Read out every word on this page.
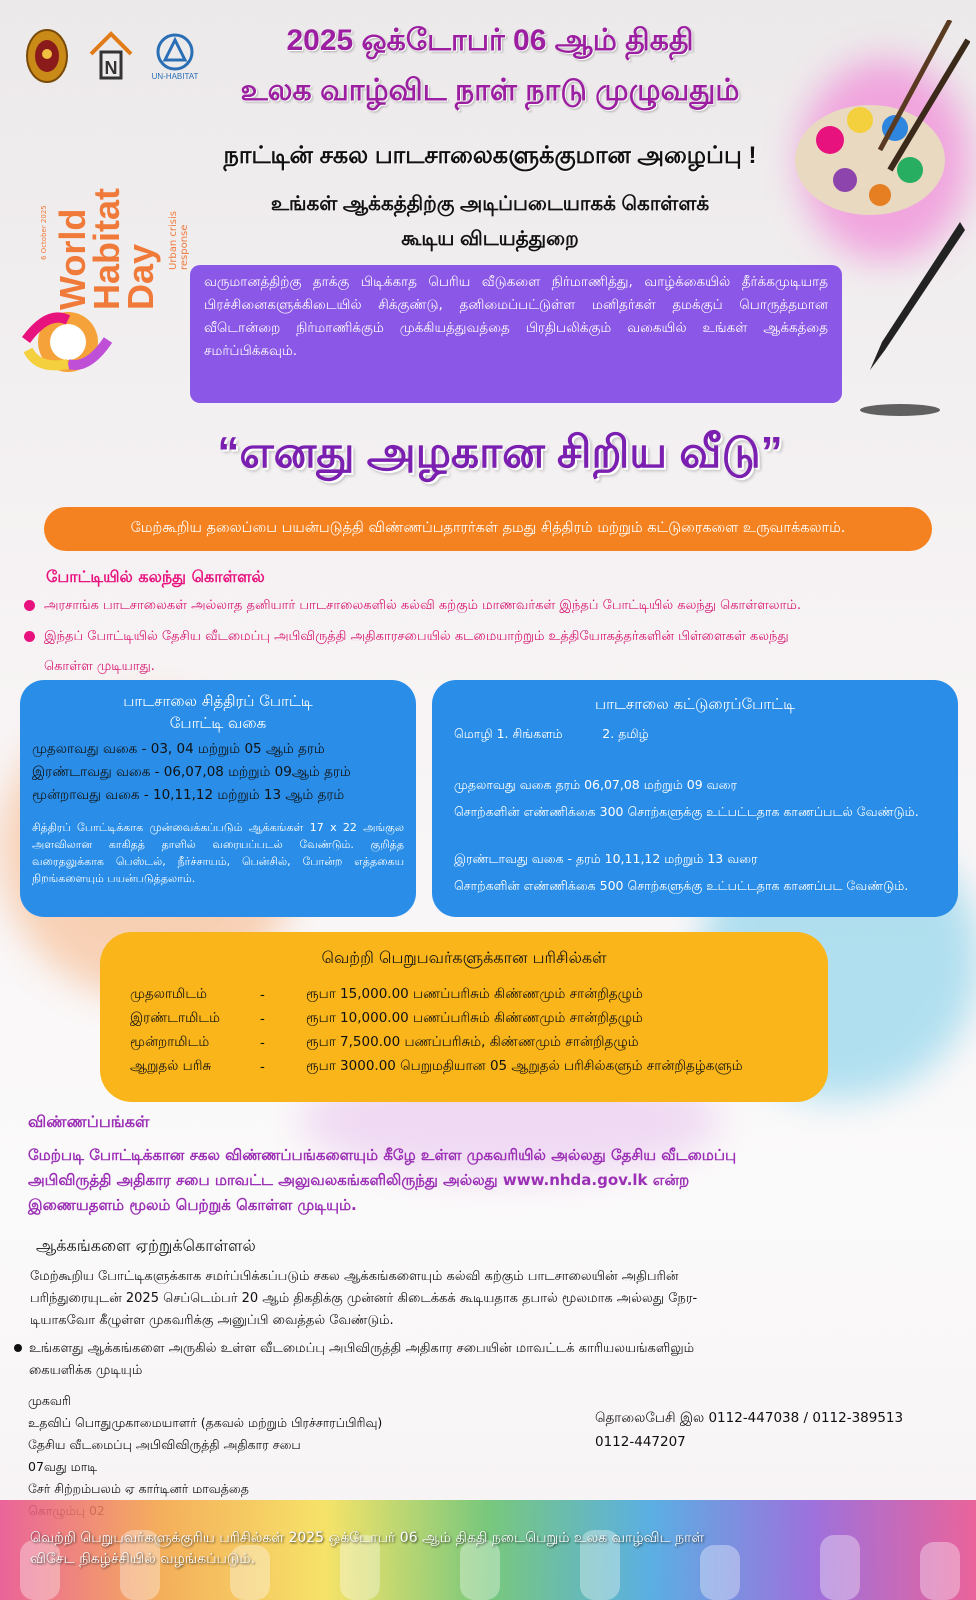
N	UN-HABITAT
2025 ஒக்டோபர் 06 ஆம் திகதி
உலக வாழ்விட நாள் நாடு முழுவதும்
நாட்டின் சகல பாடசாலைகளுக்குமான அழைப்பு !
உங்கள் ஆக்கத்திற்கு அடிப்படையாகக் கொள்ளக்
கூடிய விடயத்துறை
World
Habitat
Day
Urban crisis response
6 October 2025
வருமானத்திற்கு தாக்கு பிடிக்காத பெரிய வீடுகளை நிர்மாணித்து, வாழ்க்கையில் தீர்க்கமுடியாத பிரச்சினைகளுக்கிடையில் சிக்குண்டு, தனிமைப்பட்டுள்ள மனிதர்கள் தமக்குப் பொருத்தமான வீடொன்றை நிர்மாணிக்கும் முக்கியத்துவத்தை பிரதிபலிக்கும் வகையில் உங்கள் ஆக்கத்தை சமர்ப்பிக்கவும்.
“எனது அழகான சிறிய வீடு”
மேற்கூறிய தலைப்பை பயன்படுத்தி விண்ணப்பதாரர்கள் தமது சித்திரம் மற்றும் கட்டுரைகளை உருவாக்கலாம்.
போட்டியில் கலந்து கொள்ளல்
அரசாங்க பாடசாலைகள் அல்லாத தனியார் பாடசாலைகளில் கல்வி கற்கும் மாணவர்கள் இந்தப் போட்டியில் கலந்து கொள்ளலாம்.
இந்தப் போட்டியில் தேசிய வீடமைப்பு அபிவிருத்தி அதிகாரசபையில் கடமையாற்றும் உத்தியோகத்தர்களின் பிள்ளைகள் கலந்து
கொள்ள முடியாது.
பாடசாலை சித்திரப் போட்டி
போட்டி வகை
முதலாவது வகை - 03, 04 மற்றும் 05 ஆம் தரம்
இரண்டாவது வகை - 06,07,08 மற்றும் 09ஆம் தரம்
மூன்றாவது வகை - 10,11,12 மற்றும் 13 ஆம் தரம்
சித்திரப் போட்டிக்காக முன்வைக்கப்படும் ஆக்கங்கள் 17 x 22 அங்குல அளவிலான காகிதத் தாளில் வரையப்படல் வேண்டும். குறித்த வரைதலுக்காக பெஸ்டல், நீர்ச்சாயம், பென்சில், போன்ற எத்தகைய நிறங்களையும் பயன்படுத்தலாம்.
பாடசாலை கட்டுரைப்போட்டி
மொழி 1. சிங்களம்          2. தமிழ்
முதலாவது வகை தரம் 06,07,08 மற்றும் 09 வரை
சொற்களின் எண்ணிக்கை 300 சொற்களுக்கு உட்பட்டதாக காணப்படல் வேண்டும்.
இரண்டாவது வகை - தரம் 10,11,12 மற்றும் 13 வரை
சொற்களின் எண்ணிக்கை 500 சொற்களுக்கு உட்பட்டதாக காணப்பட வேண்டும்.
வெற்றி பெறுபவர்களுக்கான பரிசில்கள்
முதலாமிடம்	-	ரூபா 15,000.00 பணப்பரிசும் கிண்ணமும் சான்றிதழும்
இரண்டாமிடம்	-	ரூபா 10,000.00 பணப்பரிசும் கிண்ணமும் சான்றிதழும்
மூன்றாமிடம்	-	ரூபா 7,500.00 பணப்பரிசும், கிண்ணமும் சான்றிதழும்
ஆறுதல் பரிசு	-	ரூபா 3000.00 பெறுமதியான 05 ஆறுதல் பரிசில்களும் சான்றிதழ்களும்
விண்ணப்பங்கள்
மேற்படி போட்டிக்கான சகல விண்ணப்பங்களையும் கீழே உள்ள முகவரியில் அல்லது தேசிய வீடமைப்பு
அபிவிருத்தி அதிகார சபை மாவட்ட அலுவலகங்களிலிருந்து அல்லது www.nhda.gov.lk என்ற
இணையதளம் மூலம் பெற்றுக் கொள்ள முடியும்.
ஆக்கங்களை ஏற்றுக்கொள்ளல்
மேற்கூறிய போட்டிகளுக்காக சமர்ப்பிக்கப்படும் சகல ஆக்கங்களையும் கல்வி கற்கும் பாடசாலையின் அதிபரின்
பரிந்துரையுடன் 2025 செப்டெம்பர் 20 ஆம் திகதிக்கு முன்னர் கிடைக்கக் கூடியதாக தபால் மூலமாக அல்லது நேர-
டியாகவோ கீழுள்ள முகவரிக்கு அனுப்பி வைத்தல் வேண்டும்.
உங்களது ஆக்கங்களை அருகில் உள்ள வீடமைப்பு அபிவிருத்தி அதிகார சபையின் மாவட்டக் காரியலயங்களிலும்
கையளிக்க முடியும்
முகவரி
உதவிப் பொதுமுகாமையாளர் (தகவல் மற்றும் பிரச்சாரப்பிரிவு)
தேசிய வீடமைப்பு அபிவிவிருத்தி அதிகார சபை
07வது மாடி
சேர் சிற்றம்பலம் ஏ கார்டினர் மாவத்தை
தொலைபேசி இல 0112-447038 / 0112-389513
0112-447207
வெற்றி பெறுபவர்களுக்குரிய பரிசில்கள் 2025 ஒக்டோபர் 06 ஆம் திகதி நடைபெறும் உலக வாழ்விட நாள்
விசேட நிகழ்ச்சியில் வழங்கப்படும்.
